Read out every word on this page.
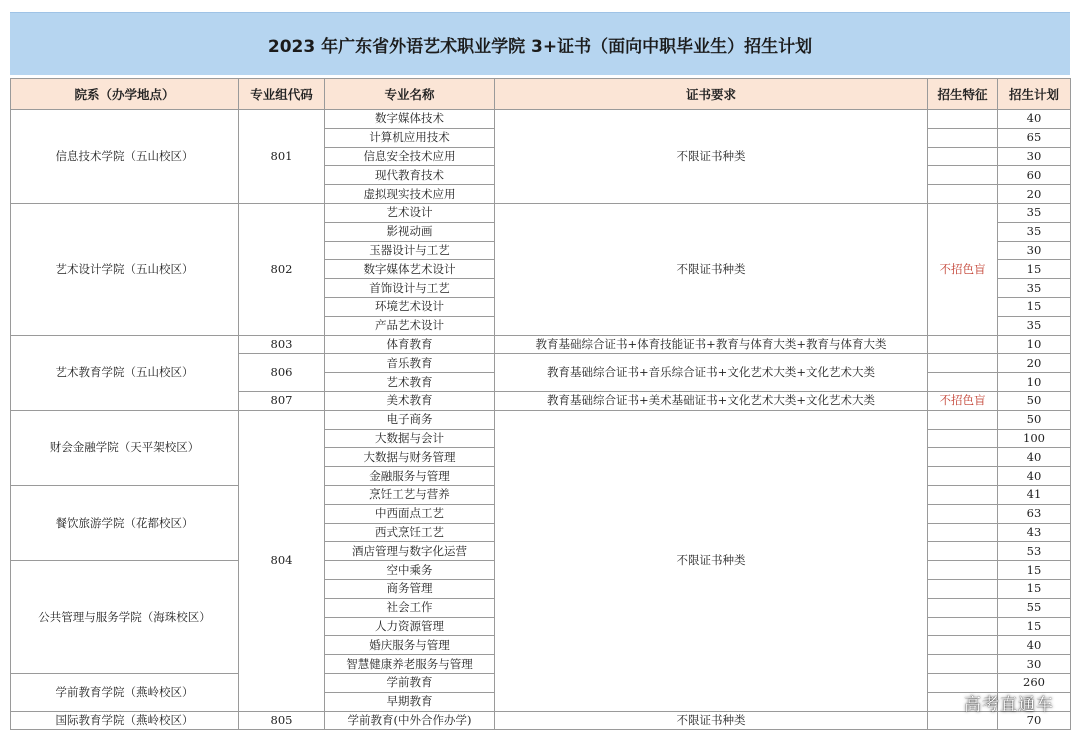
2023 年广东省外语艺术职业学院 3+证书（面向中职毕业生）招生计划
院系（办学地点）	专业组代码	专业名称	证书要求	招生特征	招生计划
信息技术学院（五山校区）	801	数字媒体技术	不限证书种类		40
		计算机应用技术			65
		信息安全技术应用			30
		现代教育技术			60
		虚拟现实技术应用			20
艺术设计学院（五山校区）	802	艺术设计	不限证书种类	不招色盲	35
		影视动画			35
		玉器设计与工艺			30
		数字媒体艺术设计			15
		首饰设计与工艺			35
		环境艺术设计			15
		产品艺术设计			35
艺术教育学院（五山校区）	803	体育教育	教育基础综合证书+体育技能证书+教育与体育大类+教育与体育大类		10
	806	音乐教育	教育基础综合证书+音乐综合证书+文化艺术大类+文化艺术大类		20
		艺术教育			10
	807	美术教育	教育基础综合证书+美术基础证书+文化艺术大类+文化艺术大类	不招色盲	50
财会金融学院（天平架校区）	804	电子商务	不限证书种类		50
		大数据与会计			100
		大数据与财务管理			40
		金融服务与管理			40
餐饮旅游学院（花都校区）		烹饪工艺与营养			41
		中西面点工艺			63
		西式烹饪工艺			43
		酒店管理与数字化运营			53
公共管理与服务学院（海珠校区）		空中乘务			15
		商务管理			15
		社会工作			55
		人力资源管理			15
		婚庆服务与管理			40
		智慧健康养老服务与管理			30
学前教育学院（燕岭校区）		学前教育			260
		早期教育			
国际教育学院（燕岭校区）	805	学前教育(中外合作办学)	不限证书种类		70
高考直通车
